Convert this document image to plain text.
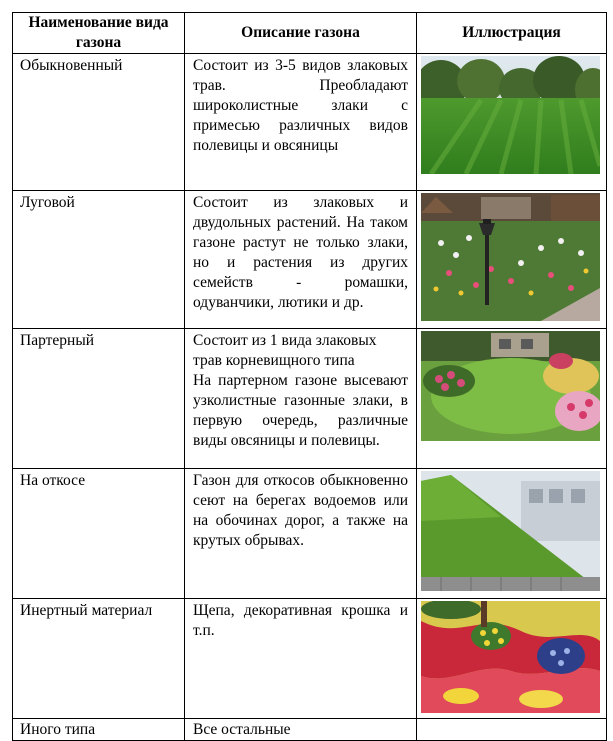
Наименование вида газона	Описание газона	Иллюстрация
Обыкновенный	Состоит из 3-5 видов злаковых трав. Преобладают широколистные злаки с примесью различных видов полевицы и овсяницы

Луговой	Состоит из злаковых и двудольных растений. На таком газоне растут не только злаки, но и растения из других семейств - ромашки, одуванчики, лютики и др.

Партерный	Состоит из 1 вида злаковых трав корневищного типа

На партерном газоне высевают узколистные газонные злаки, в первую очередь, различные виды овсяницы и полевицы.

На откосе	Газон для откосов обыкновенно сеют на берегах водоемов или на обочинах дорог, а также на крутых обрывах.

Инертный материал	Щепа, декоративная крошка и т.п.

Иного типа	Все остальные	
